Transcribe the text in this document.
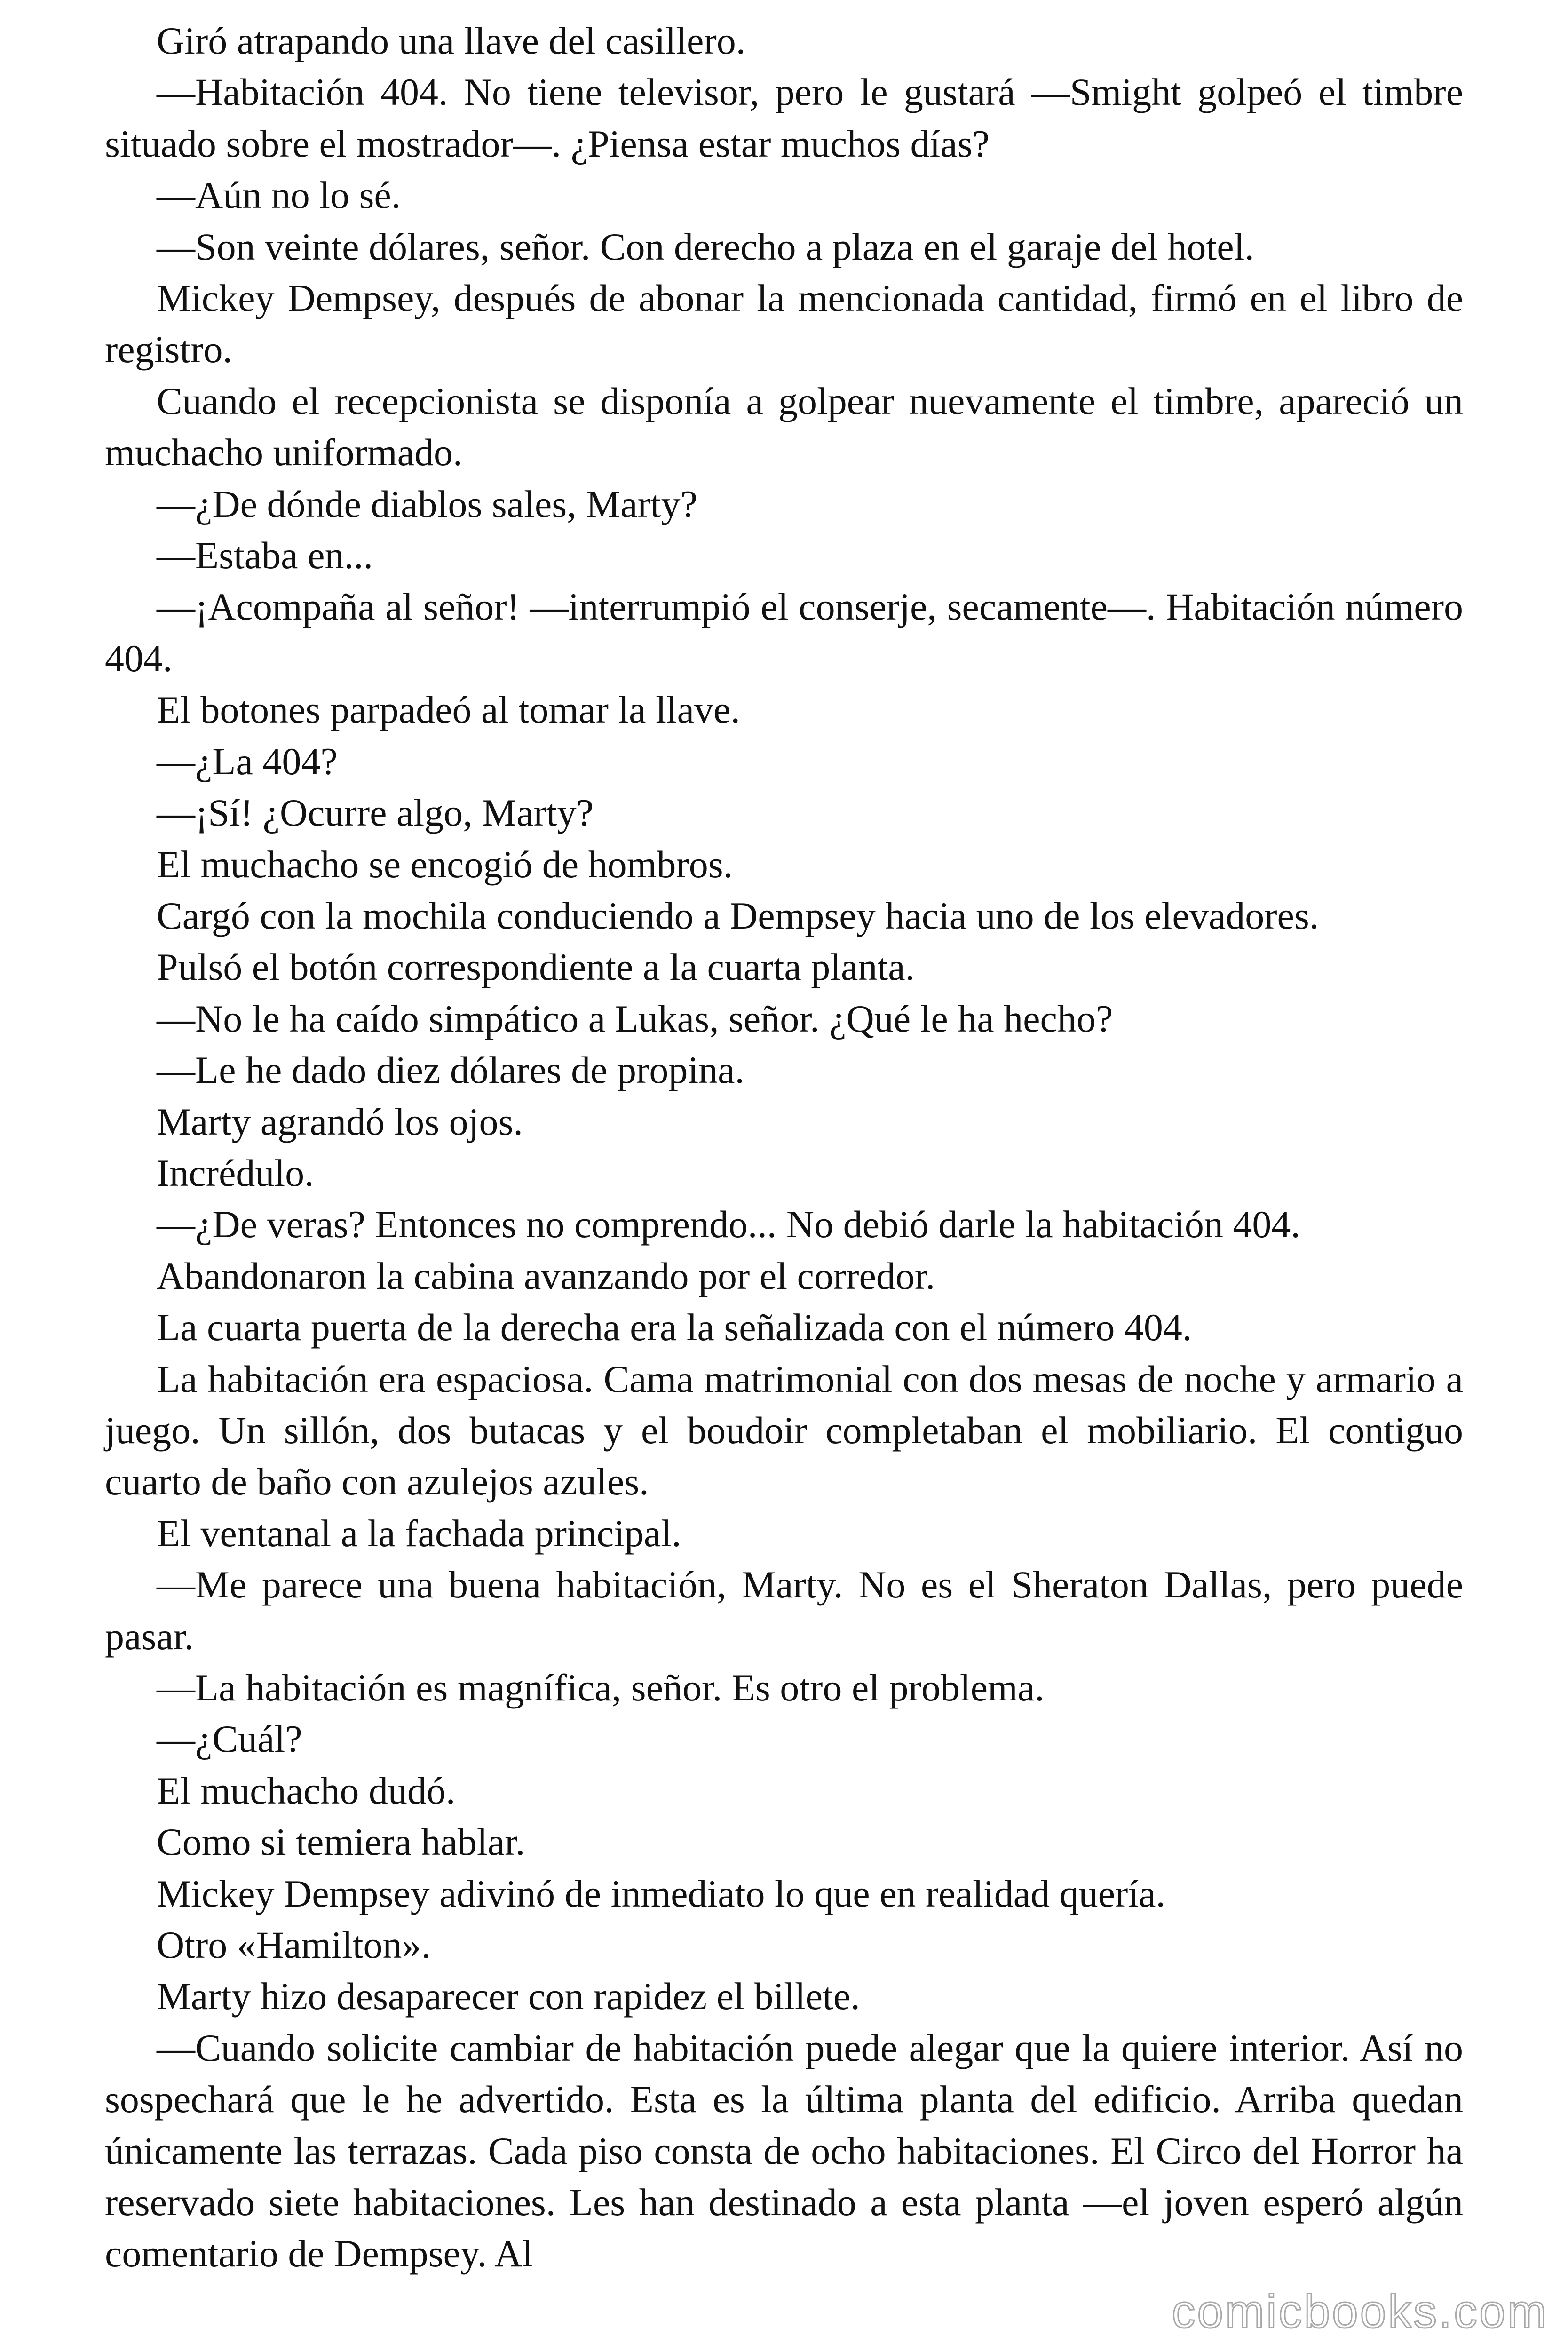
Giró atrapando una llave del casillero.

—Habitación 404. No tiene televisor, pero le gustará —Smight golpeó el timbre situado sobre el mostrador—. ¿Piensa estar muchos días?

—Aún no lo sé.

—Son veinte dólares, señor. Con derecho a plaza en el garaje del hotel.

Mickey Dempsey, después de abonar la mencionada cantidad, firmó en el libro de registro.

Cuando el recepcionista se disponía a golpear nuevamente el timbre, apareció un muchacho uniformado.

—¿De dónde diablos sales, Marty?

—Estaba en...

—¡Acompaña al señor! —interrumpió el conserje, secamente—. Habitación número 404.

El botones parpadeó al tomar la llave.

—¿La 404?

—¡Sí! ¿Ocurre algo, Marty?

El muchacho se encogió de hombros.

Cargó con la mochila conduciendo a Dempsey hacia uno de los elevadores.

Pulsó el botón correspondiente a la cuarta planta.

—No le ha caído simpático a Lukas, señor. ¿Qué le ha hecho?

—Le he dado diez dólares de propina.

Marty agrandó los ojos.

Incrédulo.

—¿De veras? Entonces no comprendo... No debió darle la habitación 404.

Abandonaron la cabina avanzando por el corredor.

La cuarta puerta de la derecha era la señalizada con el número 404.

La habitación era espaciosa. Cama matrimonial con dos mesas de noche y armario a juego. Un sillón, dos butacas y el boudoir completaban el mobiliario. El contiguo cuarto de baño con azulejos azules.

El ventanal a la fachada principal.

—Me parece una buena habitación, Marty. No es el Sheraton Dallas, pero puede pasar.

—La habitación es magnífica, señor. Es otro el problema.

—¿Cuál?

El muchacho dudó.

Como si temiera hablar.

Mickey Dempsey adivinó de inmediato lo que en realidad quería.

Otro «Hamilton».

Marty hizo desaparecer con rapidez el billete.

—Cuando solicite cambiar de habitación puede alegar que la quiere interior. Así no sospechará que le he advertido. Esta es la última planta del edificio. Arriba quedan únicamente las terrazas. Cada piso consta de ocho habitaciones. El Circo del Horror ha reservado siete habitaciones. Les han destinado a esta planta —el joven esperó algún comentario de Dempsey. Al

comicbooks.com
